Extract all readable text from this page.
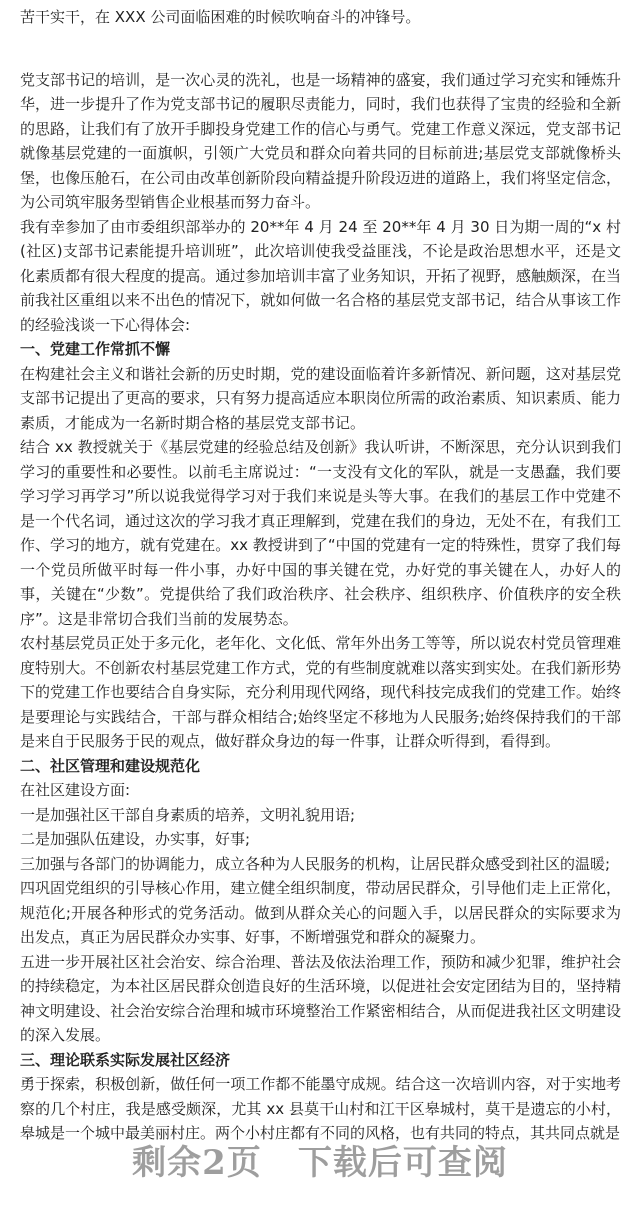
苦干实干，在 XXX 公司面临困难的时候吹响奋斗的冲锋号。

党支部书记的培训，是一次心灵的洗礼，也是一场精神的盛宴，我们通过学习充实和锤炼升华，进一步提升了作为党支部书记的履职尽责能力，同时，我们也获得了宝贵的经验和全新的思路，让我们有了放开手脚投身党建工作的信心与勇气。党建工作意义深远，党支部书记就像基层党建的一面旗帜，引领广大党员和群众向着共同的目标前进;基层党支部就像桥头堡，也像压舱石，在公司由改革创新阶段向精益提升阶段迈进的道路上，我们将坚定信念，为公司筑牢服务型销售企业根基而努力奋斗。

我有幸参加了由市委组织部举办的 20**年 4 月 24 至 20**年 4 月 30 日为期一周的“x 村(社区)支部书记素能提升培训班”，此次培训使我受益匪浅，不论是政治思想水平，还是文化素质都有很大程度的提高。通过参加培训丰富了业务知识，开拓了视野，感触颇深，在当前我社区重组以来不出色的情况下，就如何做一名合格的基层党支部书记，结合从事该工作的经验浅谈一下心得体会:

一、党建工作常抓不懈

在构建社会主义和谐社会新的历史时期，党的建设面临着许多新情况、新问题，这对基层党支部书记提出了更高的要求，只有努力提高适应本职岗位所需的政治素质、知识素质、能力素质，才能成为一名新时期合格的基层党支部书记。

结合 xx 教授就关于《基层党建的经验总结及创新》我认听讲，不断深思，充分认识到我们学习的重要性和必要性。以前毛主席说过：“一支没有文化的军队，就是一支愚蠢，我们要学习学习再学习”所以说我觉得学习对于我们来说是头等大事。在我们的基层工作中党建不是一个代名词，通过这次的学习我才真正理解到，党建在我们的身边，无处不在，有我们工作、学习的地方，就有党建在。xx 教授讲到了“中国的党建有一定的特殊性，贯穿了我们每一个党员所做平时每一件小事，办好中国的事关键在党，办好党的事关键在人，办好人的事，关键在“少数”。党提供给了我们政治秩序、社会秩序、组织秩序、价值秩序的安全秩序”。这是非常切合我们当前的发展势态。

农村基层党员正处于多元化，老年化、文化低、常年外出务工等等，所以说农村党员管理难度特别大。不创新农村基层党建工作方式，党的有些制度就难以落实到实处。在我们新形势下的党建工作也要结合自身实际，充分利用现代网络，现代科技完成我们的党建工作。始终是要理论与实践结合，干部与群众相结合;始终坚定不移地为人民服务;始终保持我们的干部是来自于民服务于民的观点，做好群众身边的每一件事，让群众听得到，看得到。

二、社区管理和建设规范化

在社区建设方面:

一是加强社区干部自身素质的培养，文明礼貌用语;

二是加强队伍建设，办实事，好事;

三加强与各部门的协调能力，成立各种为人民服务的机构，让居民群众感受到社区的温暖;

四巩固党组织的引导核心作用，建立健全组织制度，带动居民群众，引导他们走上正常化，规范化;开展各种形式的党务活动。做到从群众关心的问题入手，以居民群众的实际要求为出发点，真正为居民群众办实事、好事，不断增强党和群众的凝聚力。

五进一步开展社区社会治安、综合治理、普法及依法治理工作，预防和减少犯罪，维护社会的持续稳定，为本社区居民群众创造良好的生活环境，以促进社会安定团结为目的，坚持精神文明建设、社会治安综合治理和城市环境整治工作紧密相结合，从而促进我社区文明建设的深入发展。

三、理论联系实际发展社区经济

勇于探索，积极创新，做任何一项工作都不能墨守成规。结合这一次培训内容，对于实地考察的几个村庄，我是感受颇深，尤其 xx 县莫干山村和江干区皋城村，莫干是遗忘的小村，皋城是一个城中最美丽村庄。两个小村庄都有不同的风格，也有共同的特点，其共同点就是

剩余2页 下载后可查阅
